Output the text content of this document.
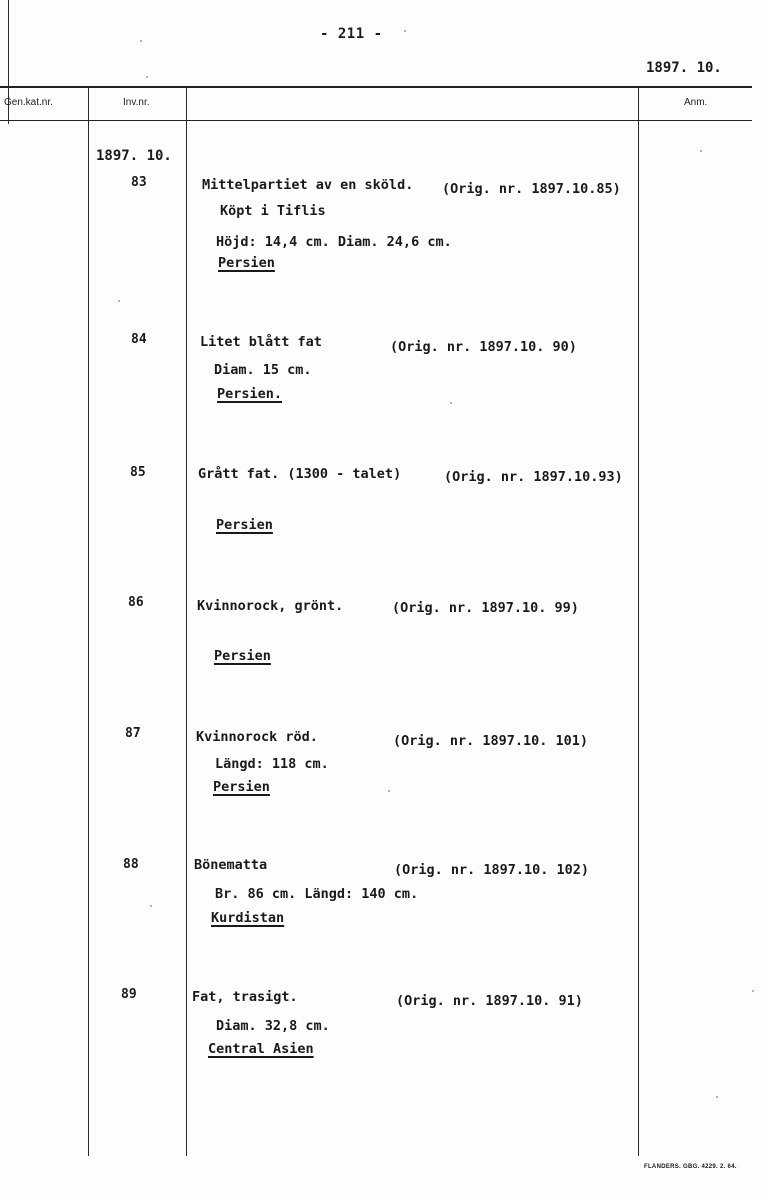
- 211 -
1897. 10.
Gen.kat.nr.	Inv.nr.	Anm.
1897. 10.
83	Mittelpartiet av en sköld. (Orig. nr. 1897.10.85)
Köpt i Tiflis
Höjd: 14,4 cm. Diam. 24,6 cm.
Persien
84	Litet blått fat	(Orig. nr. 1897.10. 90)
Diam. 15 cm.
Persien.
85	Grått fat. (1300 - talet)	(Orig. nr. 1897.10.93)
Persien
86	Kvinnorock, grönt.	(Orig. nr. 1897.10. 99)
Persien
87	Kvinnorock röd.	(Orig. nr. 1897.10. 101)
Längd: 118 cm.
Persien
88	Bönematta	(Orig. nr. 1897.10. 102)
Br. 86 cm. Längd: 140 cm.
Kurdistan
89	Fat, trasigt.	(Orig. nr. 1897.10. 91)
Diam. 32,8 cm.
Central Asien
FLANDERS. GBG. 4229. 2. 64.
